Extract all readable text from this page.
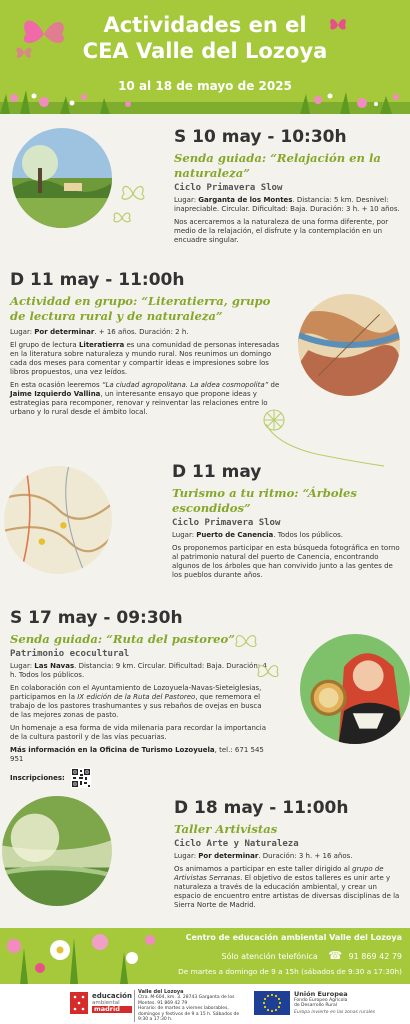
Actividades en el
CEA Valle del Lozoya
10 al 18 de mayo de 2025
S 10 may - 10:30h
Senda guiada: “Relajación en la naturaleza”
Ciclo Primavera Slow
Lugar: Garganta de los Montes. Distancia: 5 km. Desnivel: inapreciable. Circular. Dificultad: Baja. Duración: 3 h. + 10 años.
Nos acercaremos a la naturaleza de una forma diferente, por medio de la relajación, el disfrute y la contemplación en un encuadre singular.
D 11 may - 11:00h
Actividad en grupo: “Literatierra, grupo de lectura rural y de naturaleza”
Lugar: Por determinar. + 16 años. Duración: 2 h.
El grupo de lectura Literatierra es una comunidad de personas interesadas en la literatura sobre naturaleza y mundo rural. Nos reunimos un domingo cada dos meses para comentar y compartir ideas e impresiones sobre los libros propuestos, una vez leídos.
En esta ocasión leeremos “La ciudad agropolitana. La aldea cosmopolita” de Jaime Izquierdo Vallina, un interesante ensayo que propone ideas y estrategias para recomponer, renovar y reinventar las relaciones entre lo urbano y lo rural desde el ámbito local.
D 11 may
Turismo a tu ritmo: “Árboles escondidos”
Ciclo Primavera Slow
Lugar: Puerto de Canencia. Todos los públicos.
Os proponemos participar en esta búsqueda fotográfica en torno al patrimonio natural del puerto de Canencia, encontrando algunos de los árboles que han convivido junto a las gentes de los pueblos durante años.
S 17 may - 09:30h
Senda guiada: “Ruta del pastoreo”
Patrimonio ecocultural
Lugar: Las Navas. Distancia: 9 km. Circular. Dificultad: Baja. Duración: 4 h. Todos los públicos.
En colaboración con el Ayuntamiento de Lozoyuela-Navas-Sieteiglesias, participamos en la IX edición de la Ruta del Pastoreo, que rememora el trabajo de los pastores trashumantes y sus rebaños de ovejas en busca de las mejores zonas de pasto.
Un homenaje a esa forma de vida milenaria para recordar la importancia de la cultura pastoril y de las vías pecuarias.
Más información en la Oficina de Turismo Lozoyuela, tel.: 671 545 951
Inscripciones:
D 18 may - 11:00h
Taller Artivistas
Ciclo Arte y Naturaleza
Lugar: Por determinar. Duración: 3 h. + 16 años.
Os animamos a participar en este taller dirigido al grupo de Artivistas Serranas. El objetivo de estos talleres es unir arte y naturaleza a través de la educación ambiental, y crear un espacio de encuentro entre artistas de diversas disciplinas de la Sierra Norte de Madrid.
Centro de educación ambiental Valle del Lozoya
Sólo atención telefónica ☎ 91 869 42 79
De martes a domingo de 9 a 15h (sábados de 9:30 a 17:30h)
educación
ambiental
madrid
Valle del Lozoya
Ctra. M-604, km. 3. 28743 Garganta de los Montes. 91 869 42 79
Horario: de martes a viernes laborables, domingos y festivos de 9 a 15 h. Sábados de 9:30 a 17:30 h.
Unión Europea
Fondo Europeo Agrícola
de Desarrollo Rural
Europa invierte en las zonas rurales
